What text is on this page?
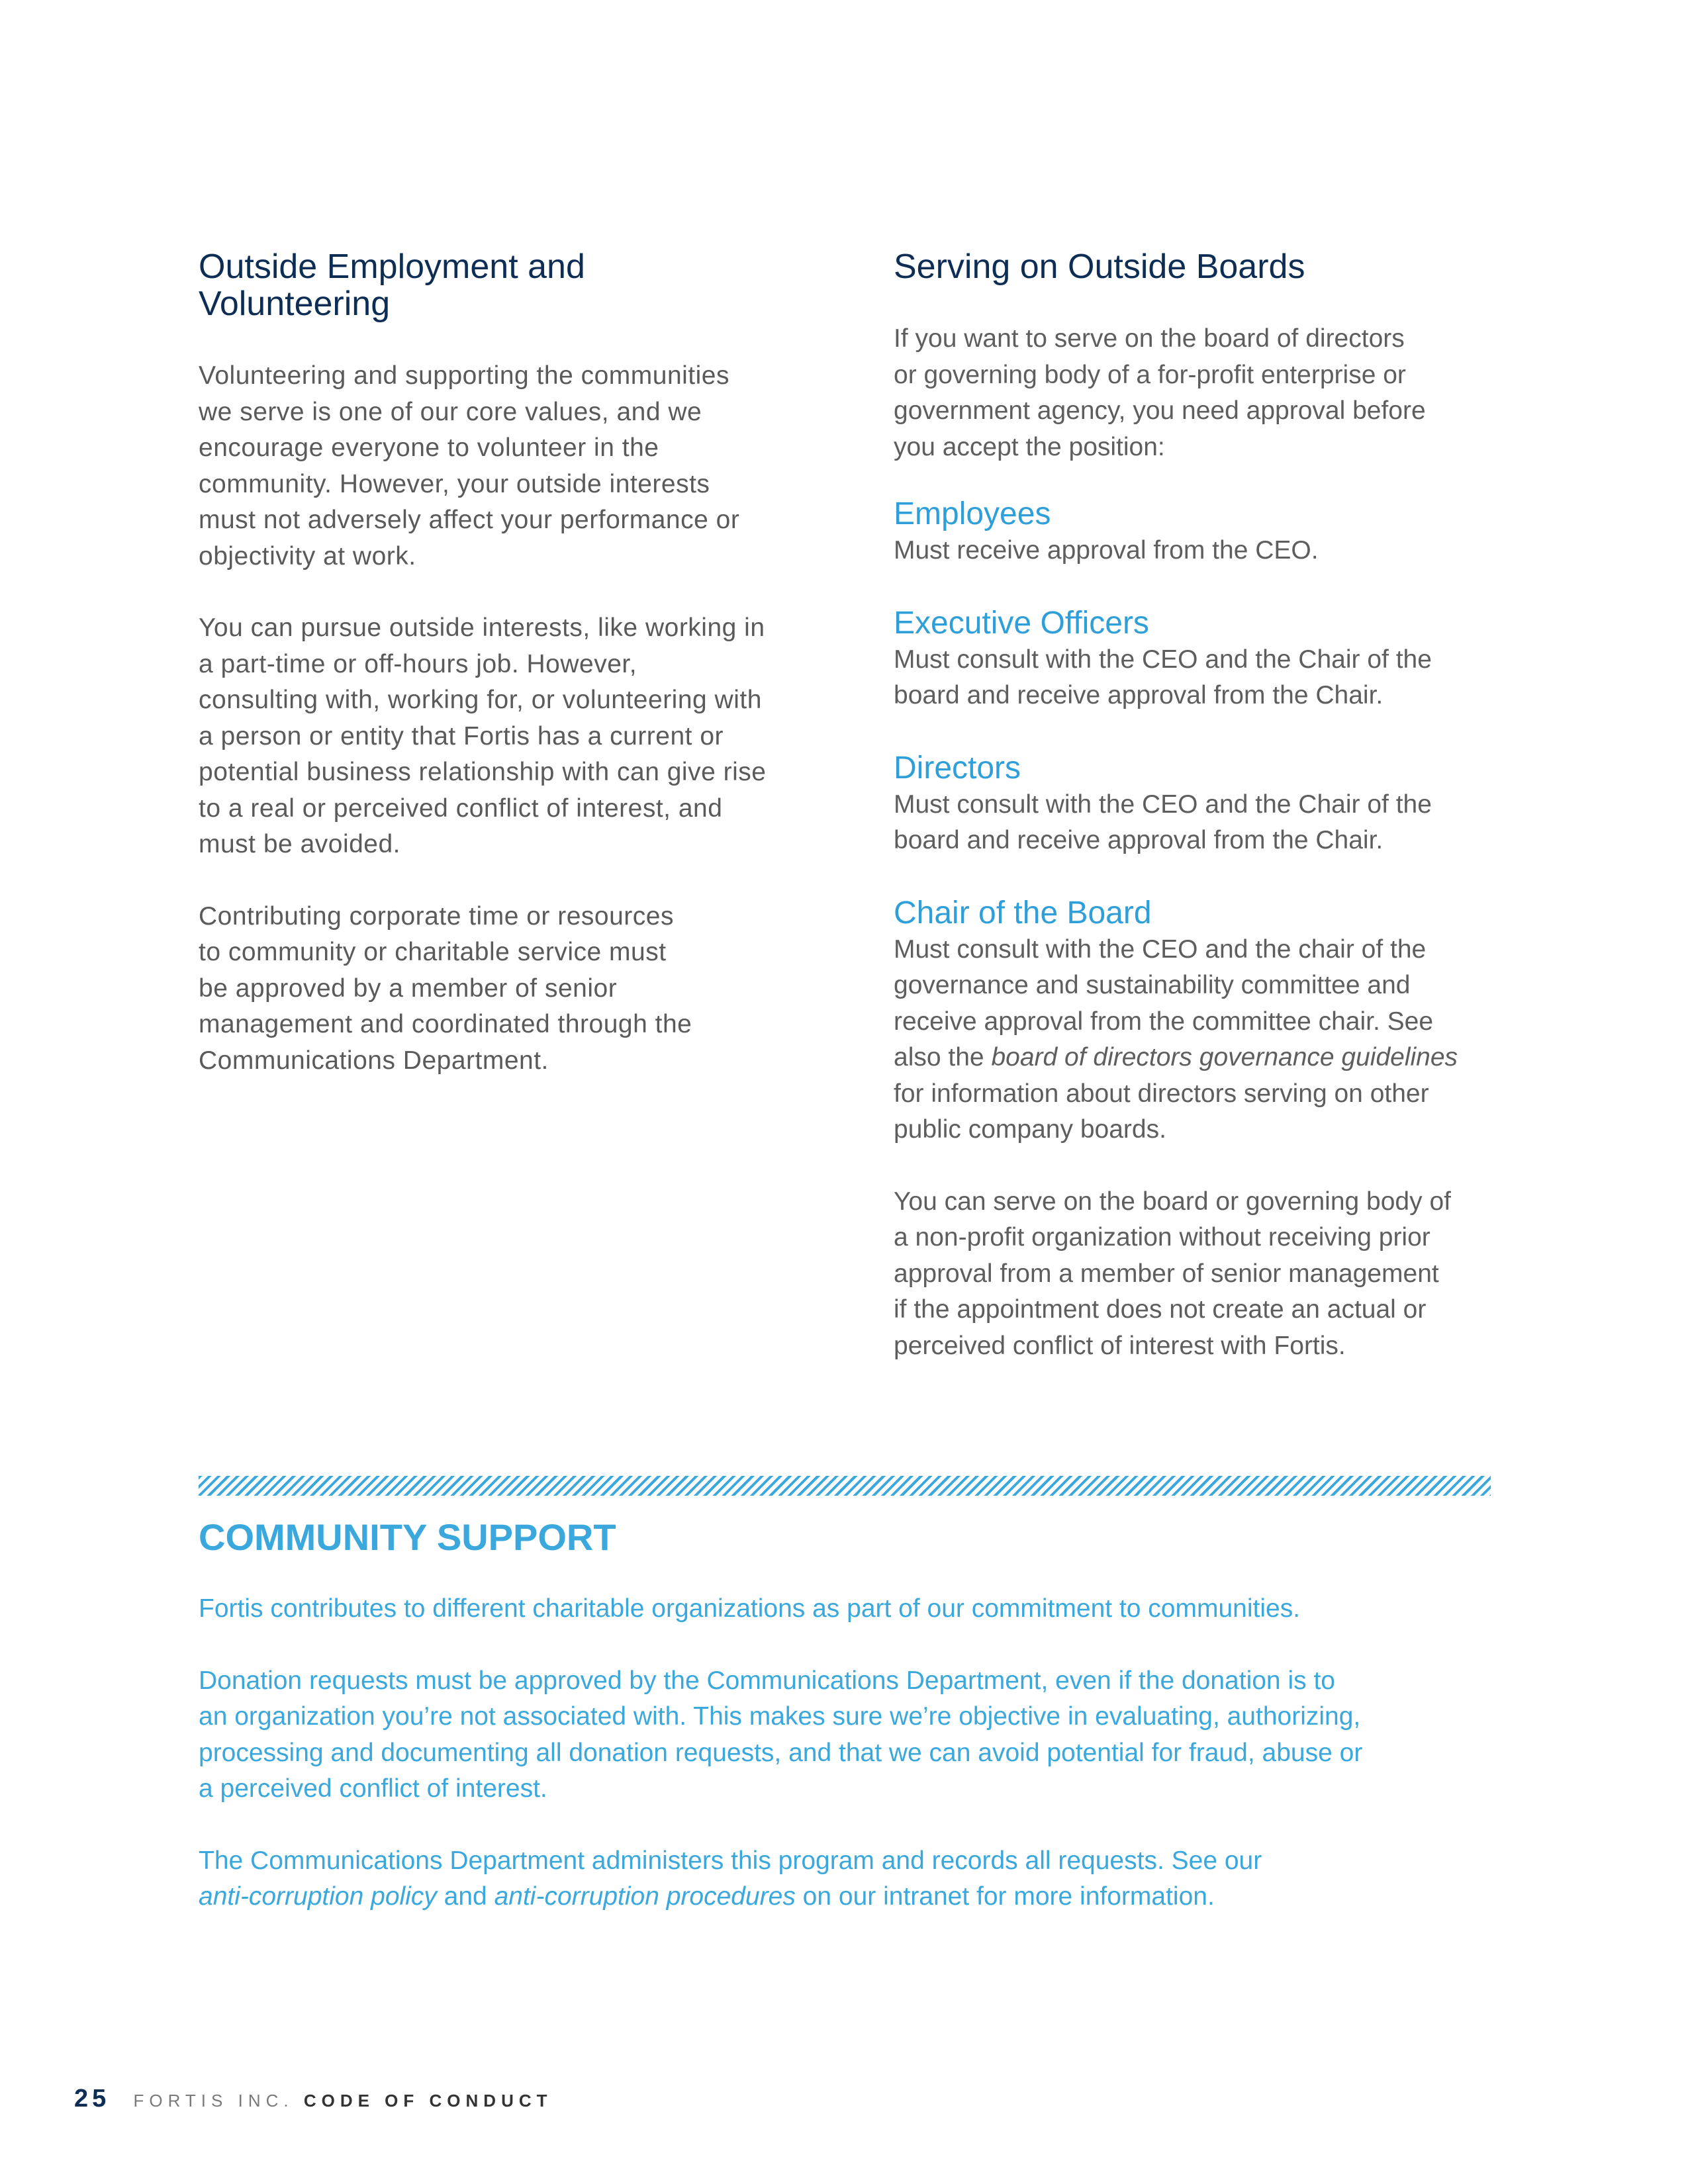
Outside Employment and
Volunteering

Volunteering and supporting the communities
we serve is one of our core values, and we
encourage everyone to volunteer in the
community. However, your outside interests
must not adversely affect your performance or
objectivity at work.

You can pursue outside interests, like working in
a part-time or off-hours job. However,
consulting with, working for, or volunteering with
a person or entity that Fortis has a current or
potential business relationship with can give rise
to a real or perceived conflict of interest, and
must be avoided.

Contributing corporate time or resources
to community or charitable service must
be approved by a member of senior
management and coordinated through the
Communications Department.

Serving on Outside Boards

If you want to serve on the board of directors
or governing body of a for-profit enterprise or
government agency, you need approval before
you accept the position:

Employees

Must receive approval from the CEO.

Executive Officers

Must consult with the CEO and the Chair of the
board and receive approval from the Chair.

Directors

Must consult with the CEO and the Chair of the
board and receive approval from the Chair.

Chair of the Board

Must consult with the CEO and the chair of the
governance and sustainability committee and
receive approval from the committee chair. See
also the board of directors governance guidelines
for information about directors serving on other
public company boards.

You can serve on the board or governing body of
a non-profit organization without receiving prior
approval from a member of senior management
if the appointment does not create an actual or
perceived conflict of interest with Fortis.

COMMUNITY SUPPORT

Fortis contributes to different charitable organizations as part of our commitment to communities.

Donation requests must be approved by the Communications Department, even if the donation is to
an organization you’re not associated with. This makes sure we’re objective in evaluating, authorizing,
processing and documenting all donation requests, and that we can avoid potential for fraud, abuse or
a perceived conflict of interest.

The Communications Department administers this program and records all requests. See our
anti-corruption policy and anti-corruption procedures on our intranet for more information.

25 FORTIS INC. CODE OF CONDUCT
